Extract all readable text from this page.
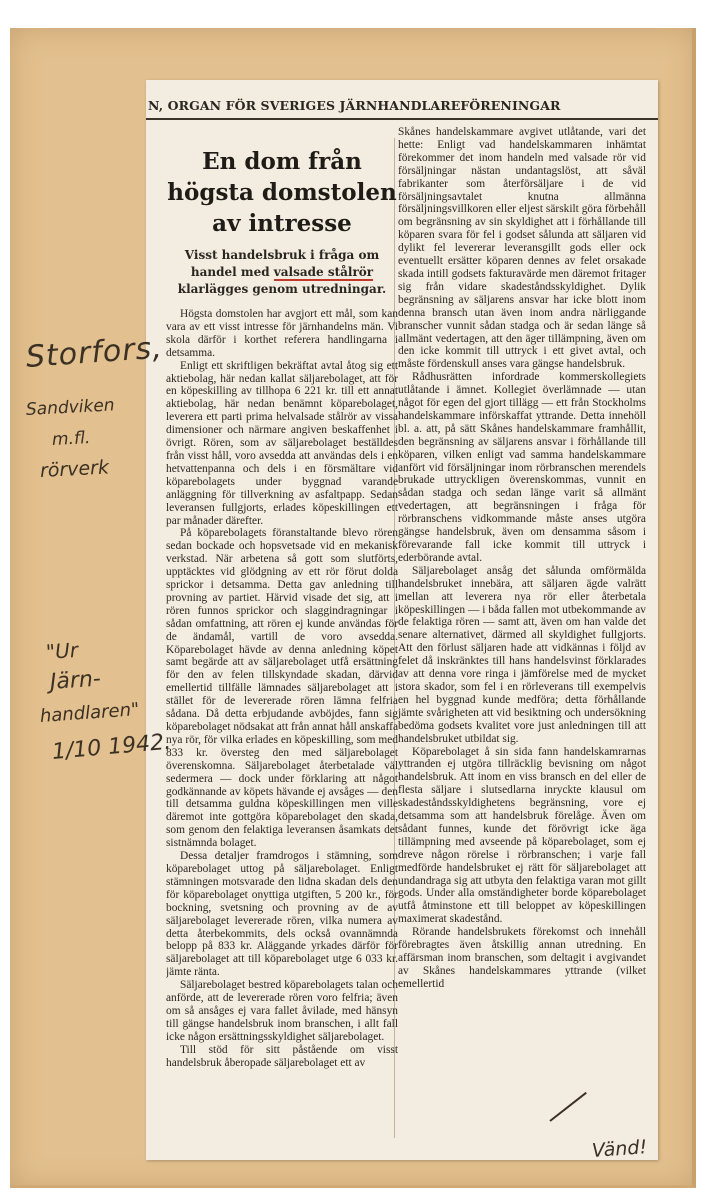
N, ORGAN FÖR SVERIGES JÄRNHANDLAREFÖRENINGAR
En dom från högsta domstolen av intresse
Visst handelsbruk i fråga om handel med valsade stålrör klarlägges genom utredningar.

Högsta domstolen har avgjort ett mål, som kan vara av ett visst intresse för järnhandelns män. Vi skola därför i korthet referera handlingarna i detsamma.

Enligt ett skriftligen bekräftat avtal åtog sig ett aktiebolag, här nedan kallat säljarebolaget, att för en köpeskilling av tillhopa 6 221 kr. till ett annat aktiebolag, här nedan benämnt köparebolaget, leverera ett parti prima helvalsade stålrör av vissa dimensioner och närmare angiven beskaffenhet i övrigt. Rören, som av säljarebolaget beställdes från visst håll, voro avsedda att användas dels i en hetvattenpanna och dels i en försmältare vid köparebolagets under byggnad varande anläggning för tillverkning av asfaltpapp. Sedan leveransen fullgjorts, erlades köpeskillingen ett par månader därefter.

På köparebolagets föranstaltande blevo rören sedan bockade och hopsvetsade vid en mekanisk verkstad. När arbetena så gott som slutförts, upptäcktes vid glödgning av ett rör förut dolda sprickor i detsamma. Detta gav anledning till provning av partiet. Härvid visade det sig, att i rören funnos sprickor och slaggindragningar i sådan omfattning, att rören ej kunde användas för de ändamål, vartill de voro avsedda. Köparebolaget hävde av denna anledning köpet samt begärde att av säljarebolaget utfå ersättning för den av felen tillskyndade skadan, därvid emellertid tillfälle lämnades säljarebolaget att i stället för de levererade rören lämna felfria sådana. Då detta erbjudande avböjdes, fann sig köparebolaget nödsakat att från annat håll anskaffa nya rör, för vilka erlades en köpeskilling, som med 833 kr. översteg den med säljarebolaget överenskomna. Säljarebolaget återbetalade väl sedermera — dock under förklaring att något godkännande av köpets hävande ej avsåges — den till detsamma guldna köpeskillingen men ville däremot inte gottgöra köparebolaget den skada, som genom den felaktiga leveransen åsamkats det sistnämnda bolaget.

Dessa detaljer framdrogos i stämning, som köparebolaget uttog på säljarebolaget. Enligt stämningen motsvarade den lidna skadan dels den för köparebolaget onyttiga utgiften, 5 200 kr., för bockning, svetsning och provning av de av säljarebolaget levererade rören, vilka numera av detta återbekommits, dels också ovannämnda belopp på 833 kr. Aläggande yrkades därför för säljarebolaget att till köparebolaget utge 6 033 kr. jämte ränta.

Säljarebolaget bestred köparebolagets talan och anförde, att de levererade rören voro felfria; även om så ansåges ej vara fallet åvilade, med hänsyn till gängse handelsbruk inom branschen, i allt fall icke någon ersättningsskyldighet säljarebolaget.

Till stöd för sitt påstående om visst handelsbruk åberopade säljarebolaget ett av

Skånes handelskammare avgivet utlåtande, vari det hette: Enligt vad handelskammaren inhämtat förekommer det inom handeln med valsade rör vid försäljningar nästan undantagslöst, att såväl fabrikanter som återförsäljare i de vid försäljningsavtalet knutna allmänna försäljningsvillkoren eller eljest särskilt göra förbehåll om begränsning av sin skyldighet att i förhållande till köparen svara för fel i godset sålunda att säljaren vid dylikt fel levererar leveransgillt gods eller ock eventuellt ersätter köparen dennes av felet orsakade skada intill godsets fakturavärde men däremot fritager sig från vidare skadeståndsskyldighet. Dylik begränsning av säljarens ansvar har icke blott inom denna bransch utan även inom andra närliggande branscher vunnit sådan stadga och är sedan länge så allmänt vedertagen, att den äger tillämpning, även om den icke kommit till uttryck i ett givet avtal, och måste fördenskull anses vara gängse handelsbruk.

Rådhusrätten infordrade kommerskollegiets utlåtande i ämnet. Kollegiet överlämnade — utan något för egen del gjort tillägg — ett från Stockholms handelskammare införskaffat yttrande. Detta innehöll bl. a. att, på sätt Skånes handelskammare framhållit, den begränsning av säljarens ansvar i förhållande till köparen, vilken enligt vad samma handelskammare anfört vid försäljningar inom rörbranschen merendels brukade uttryckligen överenskommas, vunnit en sådan stadga och sedan länge varit så allmänt vedertagen, att begränsningen i fråga för rörbranschens vidkommande måste anses utgöra gängse handelsbruk, även om densamma såsom i förevarande fall icke kommit till uttryck i ederbörande avtal.

Säljarebolaget ansåg det sålunda omförmälda handelsbruket innebära, att säljaren ägde valrätt mellan att leverera nya rör eller återbetala köpeskillingen — i båda fallen mot utbekommande av de felaktiga rören — samt att, även om han valde det senare alternativet, därmed all skyldighet fullgjorts. Att den förlust säljaren hade att vidkännas i följd av felet då inskränktes till hans handelsvinst förklarades av att denna vore ringa i jämförelse med de mycket stora skador, som fel i en rörleverans till exempelvis en hel byggnad kunde medföra; detta förhållande jämte svårigheten att vid besiktning och undersökning bedöma godsets kvalitet vore just anledningen till att handelsbruket utbildat sig.

Köparebolaget å sin sida fann handelskamrarnas yttranden ej utgöra tillräcklig bevisning om något handelsbruk. Att inom en viss bransch en del eller de flesta säljare i slutsedlarna inryckte klausul om skadeståndsskyldighetens begränsning, vore ej detsamma som att handelsbruk förelåge. Även om sådant funnes, kunde det förövrigt icke äga tillämpning med avseende på köparebolaget, som ej dreve någon rörelse i rörbranschen; i varje fall medförde handelsbruket ej rätt för säljarebolaget att undandraga sig att utbyta den felaktiga varan mot gillt gods. Under alla omständigheter borde köparebolaget utfå åtminstone ett till beloppet av köpeskillingen maximerat skadestånd.

Rörande handelsbrukets förekomst och innehåll förebragtes även åtskillig annan utredning. En affärsman inom branschen, som deltagit i avgivandet av Skånes handelskammares yttrande (vilket emellertid

Storfors,
Sandviken
m.fl.
rörverk
"Ur
Järn-
handlaren"
1/10 1942.
Vänd!
